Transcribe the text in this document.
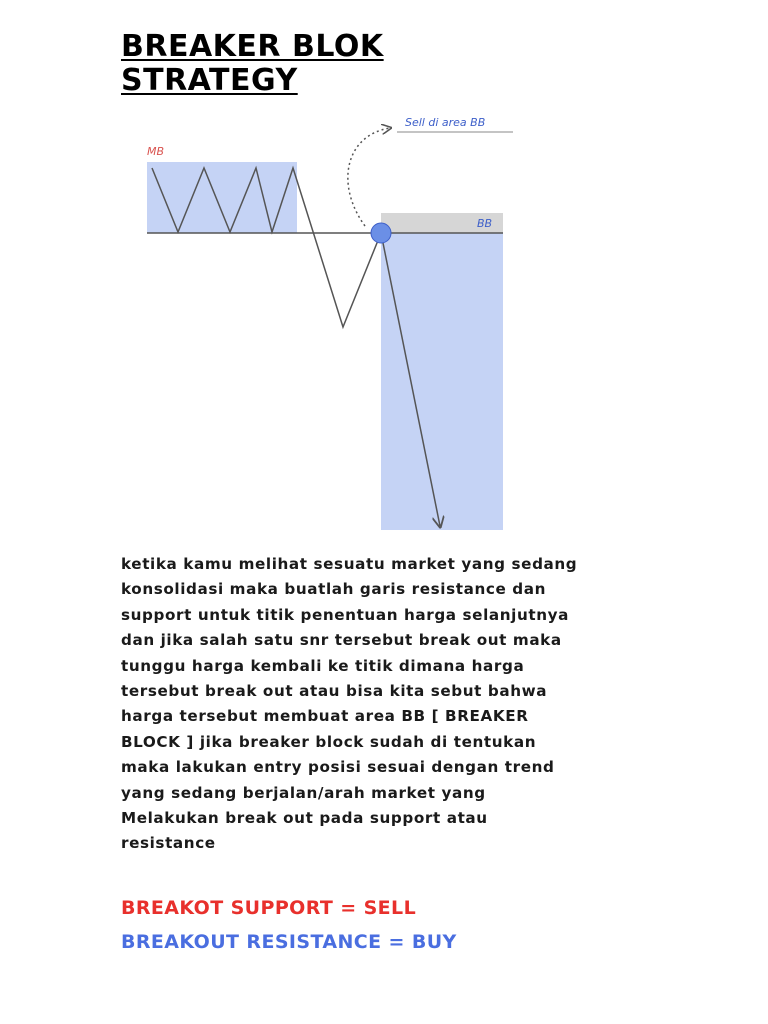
BREAKER BLOK
STRATEGY
MB
BB
Sell di area BB

ketika kamu melihat sesuatu market yang sedang
konsolidasi maka buatlah garis resistance dan
support untuk titik penentuan harga selanjutnya
dan jika salah satu snr tersebut break out maka
tunggu harga kembali ke titik dimana harga
tersebut break out atau bisa kita sebut bahwa
harga tersebut membuat area BB [ BREAKER
BLOCK ] jika breaker block sudah di tentukan
maka lakukan entry posisi sesuai dengan trend
yang sedang berjalan/arah market yang
Melakukan break out pada support atau
resistance

BREAKOT SUPPORT = SELL

BREAKOUT RESISTANCE = BUY
